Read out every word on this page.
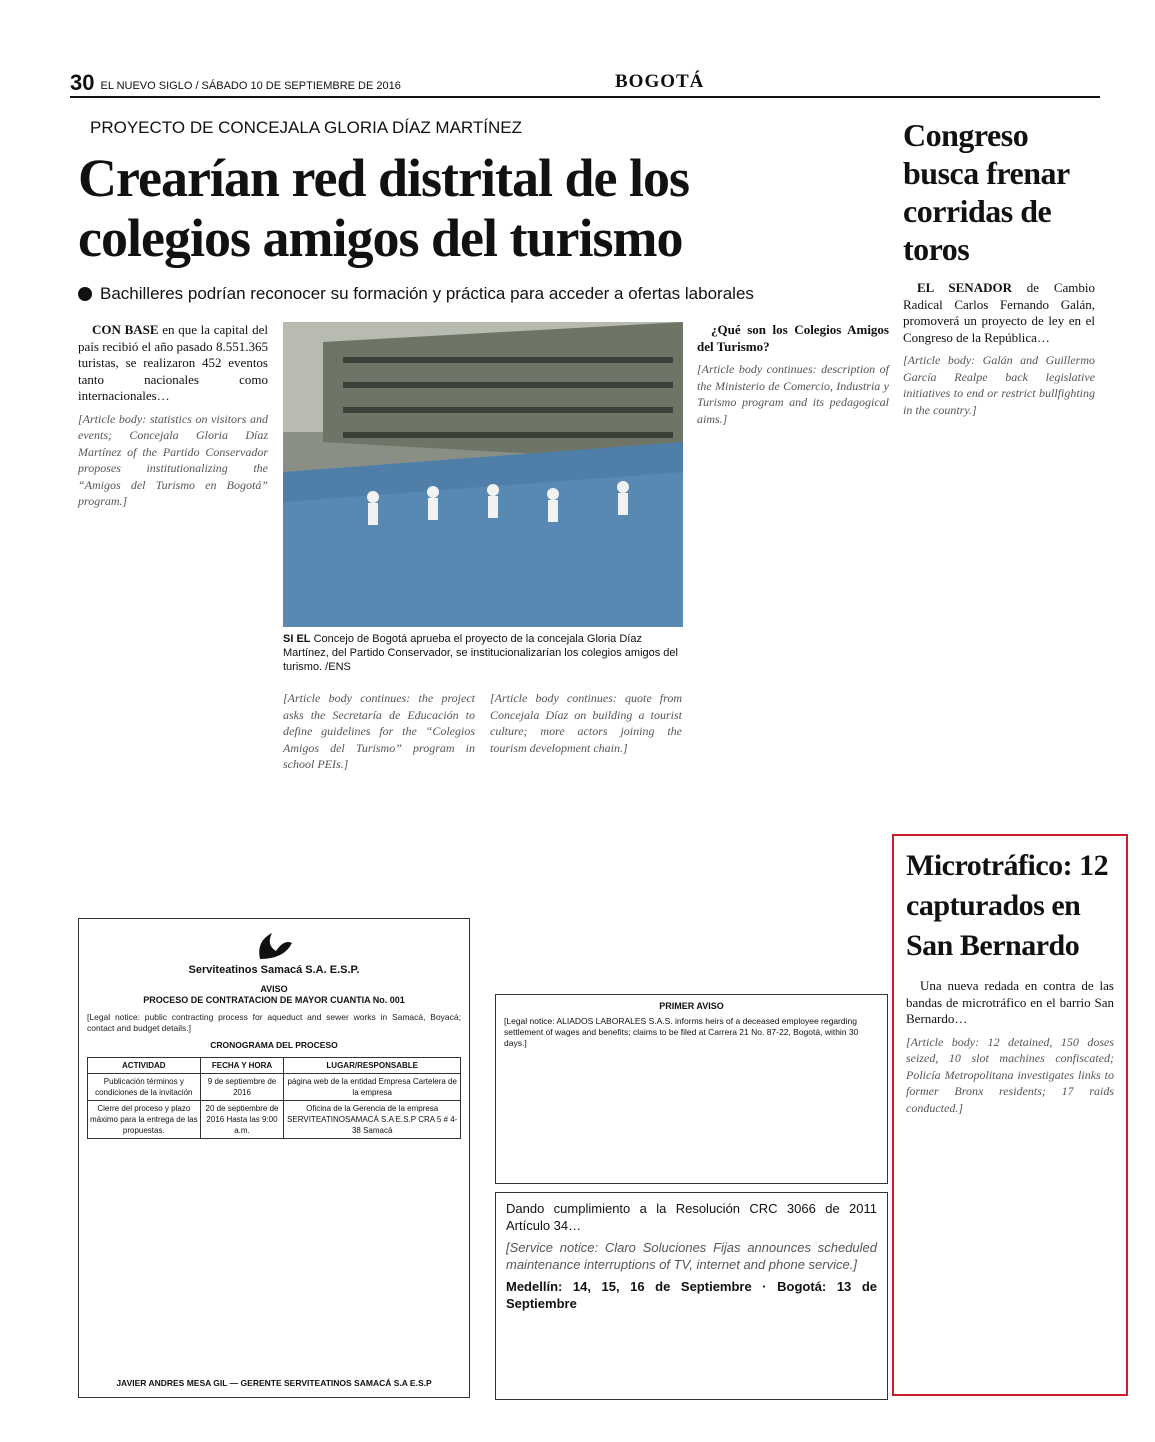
30 EL NUEVO SIGLO / SÁBADO 10 DE SEPTIEMBRE DE 2016	BOGOTÁ
PROYECTO DE CONCEJALA GLORIA DÍAZ MARTÍNEZ
Crearían red distrital de los colegios amigos del turismo
Bachilleres podrían reconocer su formación y práctica para acceder a ofertas laborales

CON BASE en que la capital del país recibió el año pasado 8.551.365 turistas, se realizaron 452 eventos tanto nacionales como internacionales…

[Article body: statistics on visitors and events; Concejala Gloria Díaz Martínez of the Partido Conservador proposes institutionalizing the “Amigos del Turismo en Bogotá” program.]

SI EL Concejo de Bogotá aprueba el proyecto de la concejala Gloria Díaz Martínez, del Partido Conservador, se institucionalizarían los colegios amigos del turismo. /ENS

[Article body continues: the project asks the Secretaría de Educación to define guidelines for the “Colegios Amigos del Turismo” program in school PEIs.]

[Article body continues: quote from Concejala Díaz on building a tourist culture; more actors joining the tourism development chain.]

¿Qué son los Colegios Amigos del Turismo?

[Article body continues: description of the Ministerio de Comercio, Industria y Turismo program and its pedagogical aims.]

Serviteatinos Samacá S.A. E.S.P.
AVISO
PROCESO DE CONTRATACION DE MAYOR CUANTIA No. 001
[Legal notice: public contracting process for aqueduct and sewer works in Samacá, Boyacá; contact and budget details.]
CRONOGRAMA DEL PROCESO
ACTIVIDAD	FECHA Y HORA	LUGAR/RESPONSABLE
Publicación términos y condiciones de la invitación	9 de septiembre de 2016	página web de la entidad Empresa Cartelera de la empresa
Cierre del proceso y plazo máximo para la entrega de las propuestas.	20 de septiembre de 2016 Hasta las 9:00 a.m.	Oficina de la Gerencia de la empresa SERVITEATINOSAMACÁ S.A E.S.P CRA 5 # 4-38 Samacá
JAVIER ANDRES MESA GIL — GERENTE SERVITEATINOS SAMACÁ S.A E.S.P
PRIMER AVISO
[Legal notice: ALIADOS LABORALES S.A.S. informs heirs of a deceased employee regarding settlement of wages and benefits; claims to be filed at Carrera 21 No. 87-22, Bogotá, within 30 days.]

Dando cumplimiento a la Resolución CRC 3066 de 2011 Artículo 34…

[Service notice: Claro Soluciones Fijas announces scheduled maintenance interruptions of TV, internet and phone service.]

Medellín: 14, 15, 16 de Septiembre · Bogotá: 13 de Septiembre

Congreso busca frenar corridas de toros

EL SENADOR de Cambio Radical Carlos Fernando Galán, promoverá un proyecto de ley en el Congreso de la República…

[Article body: Galán and Guillermo García Realpe back legislative initiatives to end or restrict bullfighting in the country.]

Microtráfico: 12 capturados en San Bernardo

Una nueva redada en contra de las bandas de microtráfico en el barrio San Bernardo…

[Article body: 12 detained, 150 doses seized, 10 slot machines confiscated; Policía Metropolitana investigates links to former Bronx residents; 17 raids conducted.]
